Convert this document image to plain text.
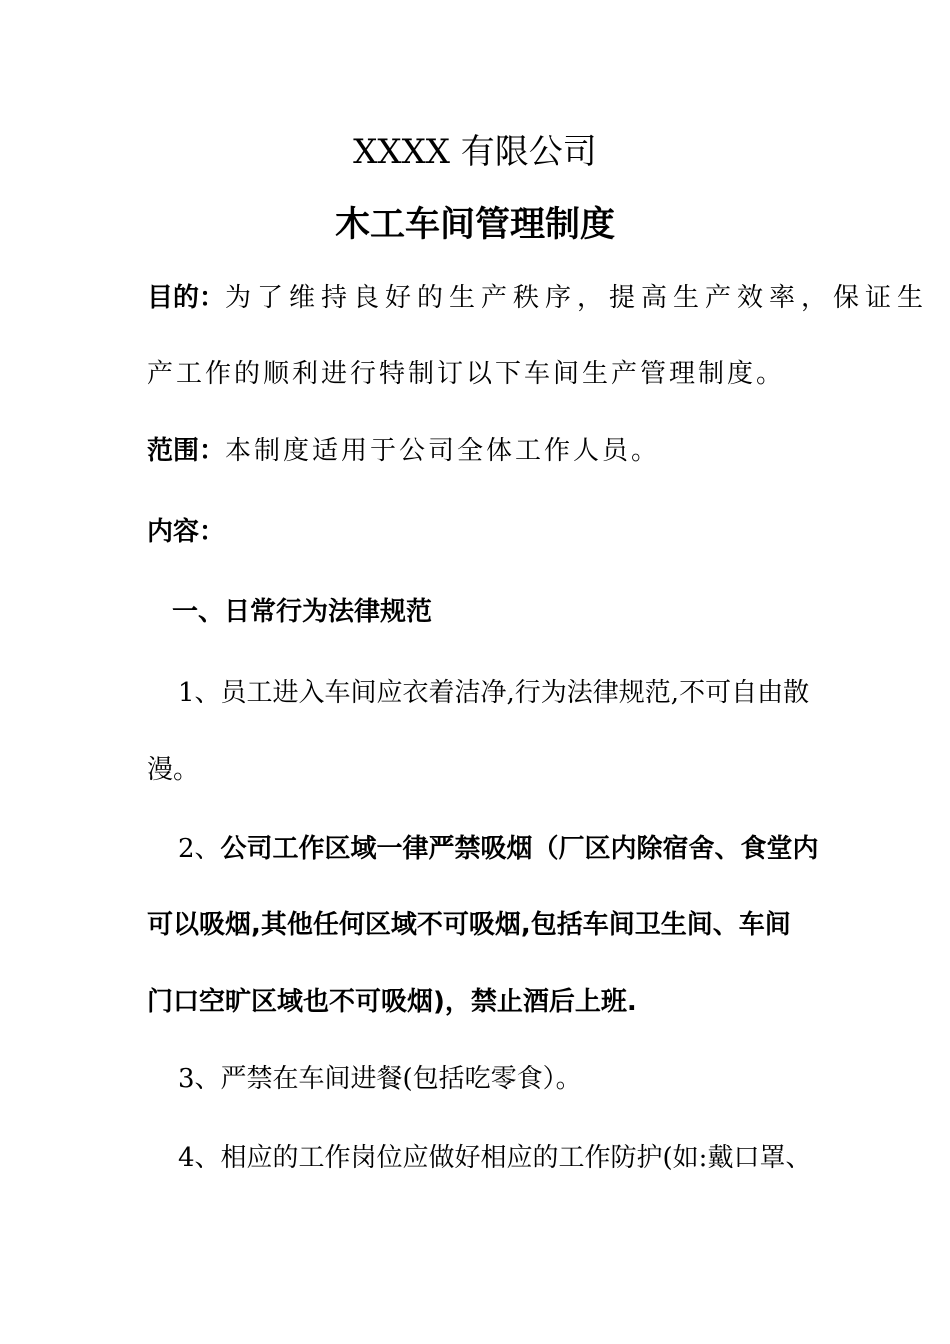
XXXX 有限公司
木工车间管理制度
目的：为了维持良好的生产秩序，提高生产效率，保证生
产工作的顺利进行特制订以下车间生产管理制度。
范围：本制度适用于公司全体工作人员。
内容：
一、日常行为法律规范
1、员工进入车间应衣着洁净,行为法律规范,不可自由散
漫。
2、公司工作区域一律严禁吸烟（厂区内除宿舍、食堂内
可以吸烟,其他任何区域不可吸烟,包括车间卫生间、车间
门口空旷区域也不可吸烟)，禁止酒后上班.
3、严禁在车间进餐(包括吃零食）。
4、相应的工作岗位应做好相应的工作防护(如:戴口罩、
